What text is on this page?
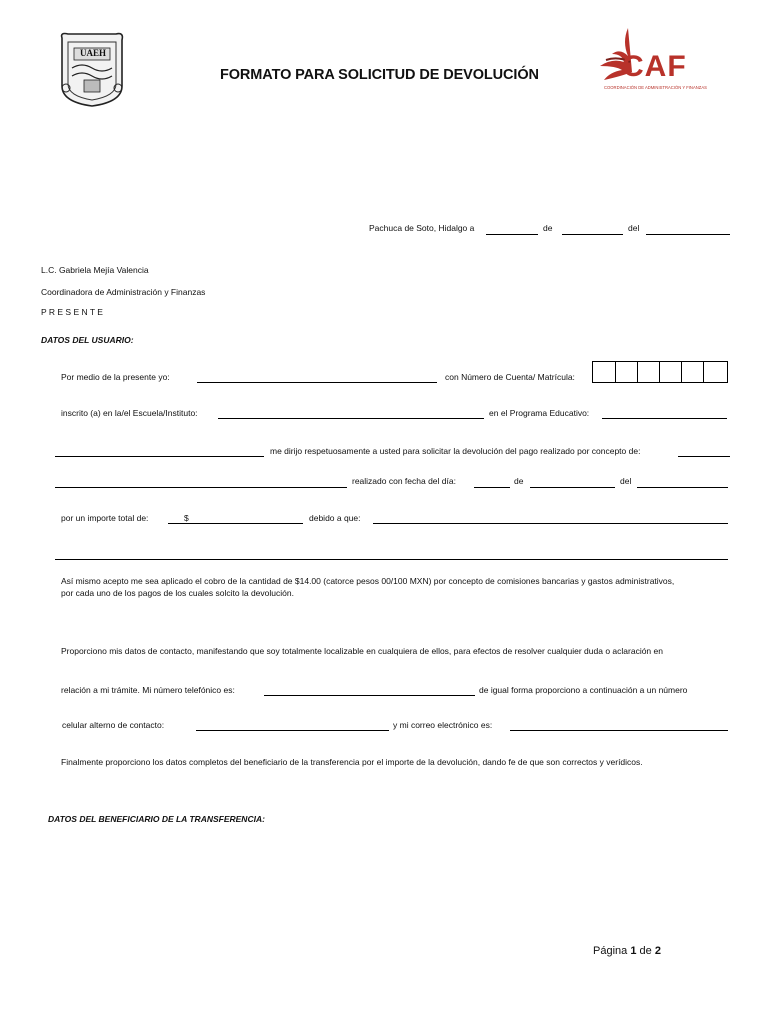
UAEH
FORMATO PARA SOLICITUD DE DEVOLUCIÓN	CAF
COORDINACIÓN DE ADMINISTRACIÓN Y FINANZAS
Pachuca de Soto, Hidalgo a	de	del
L.C. Gabriela Mejía Valencia
Coordinadora de Administración y Finanzas
P R E S E N T E
DATOS DEL USUARIO:
Por medio de la presente yo:	con Número de Cuenta/ Matrícula:
inscrito (a) en la/el Escuela/Instituto:	en el Programa Educativo:
me dirijo respetuosamente a usted para solicitar la devolución del pago realizado por concepto de:
realizado con fecha del día:	de	del
por un importe total de:	$	debido a que:
Así mismo acepto me sea aplicado el cobro de la cantidad de $14.00 (catorce pesos 00/100 MXN) por concepto de comisiones bancarias y gastos administrativos,
por cada uno de los pagos de los cuales solcito la devolución.
Proporciono mis datos de contacto, manifestando que soy totalmente localizable en cualquiera de ellos, para efectos de resolver cualquier duda o aclaración en
relación a mi trámite. Mi número telefónico es:	de igual forma proporciono a continuación a un número
celular alterno de contacto:	y mi correo electrónico es:
Finalmente proporciono los datos completos del beneficiario de la transferencia por el importe de la devolución, dando fe de que son correctos y verídicos.
DATOS DEL BENEFICIARIO DE LA TRANSFERENCIA:
Página 1 de 2
